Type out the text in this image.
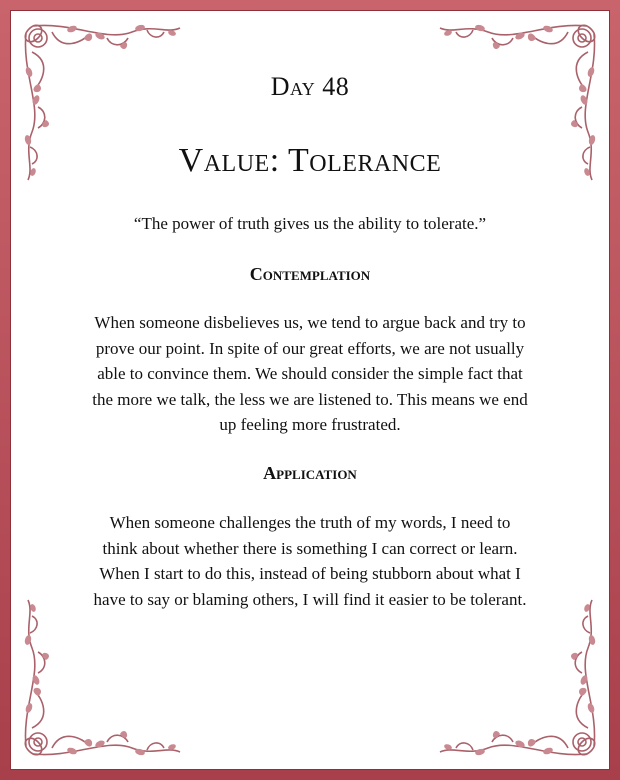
Day 48
Value: Tolerance
“The power of truth gives us the ability to tolerate.”
Contemplation
When someone disbelieves us, we tend to argue back and try to
prove our point. In spite of our great efforts, we are not usually
able to convince them. We should consider the simple fact that
the more we talk, the less we are listened to. This means we end
up feeling more frustrated.
Application
When someone challenges the truth of my words, I need to
think about whether there is something I can correct or learn.
When I start to do this, instead of being stubborn about what I
have to say or blaming others, I will find it easier to be tolerant.
